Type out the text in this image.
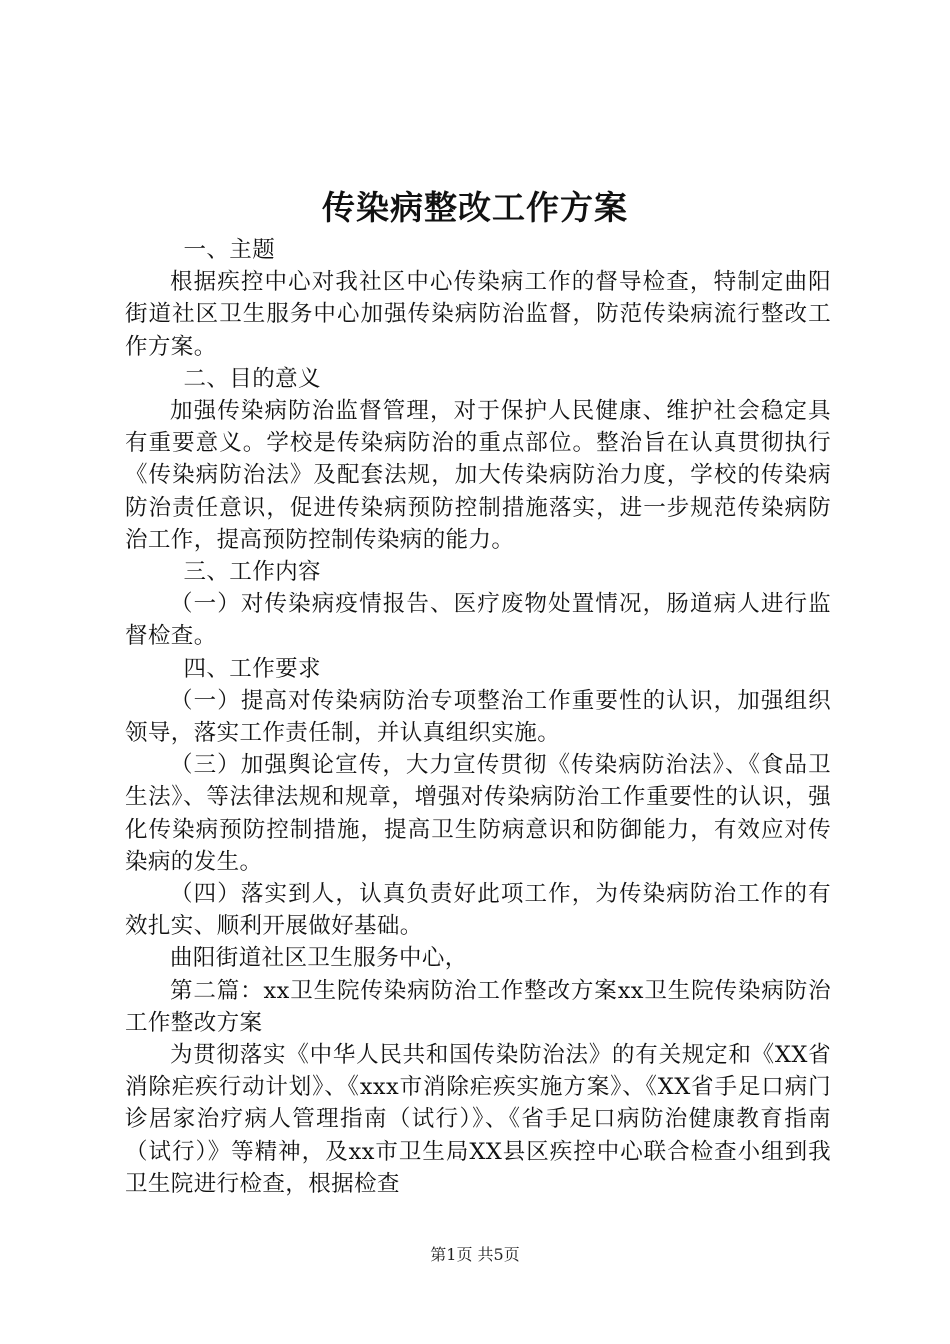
传染病整改工作方案

一、主题

根据疾控中心对我社区中心传染病工作的督导检查，特制定曲阳街道社区卫生服务中心加强传染病防治监督，防范传染病流行整改工作方案。

二、目的意义

加强传染病防治监督管理，对于保护人民健康、维护社会稳定具有重要意义。学校是传染病防治的重点部位。整治旨在认真贯彻执行《传染病防治法》及配套法规，加大传染病防治力度，学校的传染病防治责任意识，促进传染病预防控制措施落实，进一步规范传染病防治工作，提高预防控制传染病的能力。

三、工作内容

（一）对传染病疫情报告、医疗废物处置情况，肠道病人进行监督检查。

四、工作要求

（一）提高对传染病防治专项整治工作重要性的认识，加强组织领导，落实工作责任制，并认真组织实施。

（三）加强舆论宣传，大力宣传贯彻《传染病防治法》、《食品卫生法》、等法律法规和规章，增强对传染病防治工作重要性的认识，强化传染病预防控制措施，提高卫生防病意识和防御能力，有效应对传染病的发生。

（四）落实到人，认真负责好此项工作，为传染病防治工作的有效扎实、顺利开展做好基础。

曲阳街道社区卫生服务中心，

第二篇：xx卫生院传染病防治工作整改方案xx卫生院传染病防治工作整改方案

为贯彻落实《中华人民共和国传染防治法》的有关规定和《XX省消除疟疾行动计划》、《xxx市消除疟疾实施方案》、《XX省手足口病门诊居家治疗病人管理指南（试行）》、《省手足口病防治健康教育指南（试行）》等精神，及xx市卫生局XX县区疾控中心联合检查小组到我卫生院进行检查，根据检查

第1页 共5页
